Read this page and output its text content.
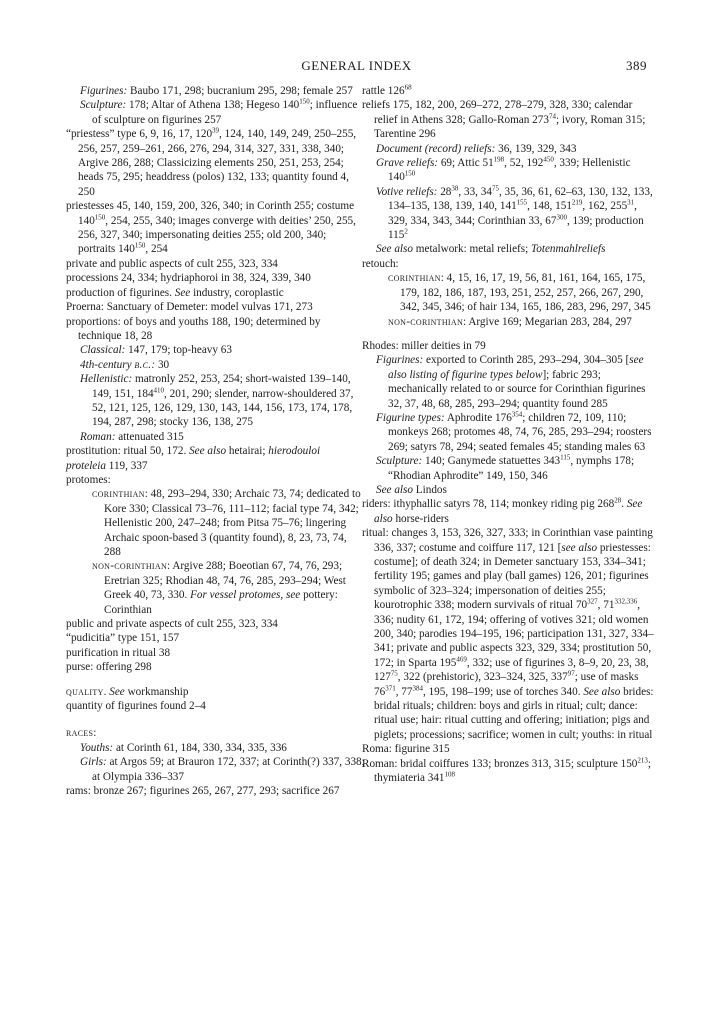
GENERAL INDEX	389
Figurines: Baubo 171, 298; bucranium 295, 298; female 257
Sculpture: 178; Altar of Athena 138; Hegeso $140^{150}$; influence of sculpture on figurines 257
“priestess” type 6, 9, 16, 17, $120^{39}$, 124, 140, 149, 249, 250–255, 256, 257, 259–261, 266, 276, 294, 314, 327, 331, 338, 340; Argive 286, 288; Classicizing elements 250, 251, 253, 254; heads 75, 295; headdress (polos) 132, 133; quantity found 4, 250
priestesses 45, 140, 159, 200, 326, 340; in Corinth 255; costume $140^{150}$, 254, 255, 340; images converge with deities’ 250, 255, 256, 327, 340; impersonating deities 255; old 200, 340; portraits $140^{150}$, 254
private and public aspects of cult 255, 323, 334
processions 24, 334; hydriaphoroi in 38, 324, 339, 340
production of figurines. See industry, coroplastic
Proerna: Sanctuary of Demeter: model vulvas 171, 273
proportions: of boys and youths 188, 190; determined by technique 18, 28
Classical: 147, 179; top-heavy 63
4th-century b.c.: 30
Hellenistic: matronly 252, 253, 254; short-waisted 139–140, 149, 151, $184^{410}$, 201, 290; slender, narrow-shouldered 37, 52, 121, 125, 126, 129, 130, 143, 144, 156, 173, 174, 178, 194, 287, 298; stocky 136, 138, 275
Roman: attenuated 315
prostitution: ritual 50, 172. See also hetairai; hierodouloi
proteleia 119, 337
protomes:
corinthian: 48, 293–294, 330; Archaic 73, 74; dedicated to Kore 330; Classical 73–76, 111–112; facial type 74, 342; Hellenistic 200, 247–248; from Pitsa 75–76; lingering Archaic spoon-based 3 (quantity found), 8, 23, 73, 74, 288
non-corinthian: Argive 288; Boeotian 67, 74, 76, 293; Eretrian 325; Rhodian 48, 74, 76, 285, 293–294; West Greek 40, 73, 330. For vessel protomes, see pottery: Corinthian
public and private aspects of cult 255, 323, 334
“pudicitia” type 151, 157
purification in ritual 38
purse: offering 298
quality. See workmanship
quantity of figurines found 2–4
races:
Youths: at Corinth 61, 184, 330, 334, 335, 336
Girls: at Argos 59; at Brauron 172, 337; at Corinth(?) 337, 338; at Olympia 336–337
rams: bronze 267; figurines 265, 267, 277, 293; sacrifice 267
rattle $126^{68}$
reliefs 175, 182, 200, 269–272, 278–279, 328, 330; calendar relief in Athens 328; Gallo-Roman $273^{74}$; ivory, Roman 315; Tarentine 296
Document (record) reliefs: 36, 139, 329, 343
Grave reliefs: 69; Attic $51^{198}$, 52, $192^{450}$, 339; Hellenistic $140^{150}$
Votive reliefs: $28^{38}$, 33, $34^{75}$, 35, 36, 61, 62–63, 130, 132, 133, 134–135, 138, 139, 140, $141^{155}$, 148, $151^{219}$, 162, $255^{31}$, 329, 334, 343, 344; Corinthian 33, $67^{300}$, 139; production $115^2$
See also metalwork: metal reliefs; Totenmahlreliefs
retouch:
corinthian: 4, 15, 16, 17, 19, 56, 81, 161, 164, 165, 175, 179, 182, 186, 187, 193, 251, 252, 257, 266, 267, 290, 342, 345, 346; of hair 134, 165, 186, 283, 296, 297, 345
non-corinthian: Argive 169; Megarian 283, 284, 297
Rhodes: miller deities in 79
Figurines: exported to Corinth 285, 293–294, 304–305 [see also listing of figurine types below]; fabric 293; mechanically related to or source for Corinthian figurines 32, 37, 48, 68, 285, 293–294; quantity found 285
Figurine types: Aphrodite $176^{354}$; children 72, 109, 110; monkeys 268; protomes 48, 74, 76, 285, 293–294; roosters 269; satyrs 78, 294; seated females 45; standing males 63
Sculpture: 140; Ganymede statuettes $343^{115}$, nymphs 178; “Rhodian Aphrodite” 149, 150, 346
See also Lindos
riders: ithyphallic satyrs 78, 114; monkey riding pig $268^{28}$. See also horse-riders
ritual: changes 3, 153, 326, 327, 333; in Corinthian vase painting 336, 337; costume and coiffure 117, 121 [see also priestesses: costume]; of death 324; in Demeter sanctuary 153, 334–341; fertility 195; games and play (ball games) 126, 201; figurines symbolic of 323–324; impersonation of deities 255; kourotrophic 338; modern survivals of ritual $70^{327}$, 71$^{332,336}$, 336; nudity 61, 172, 194; offering of votives 321; old women 200, 340; parodies 194–195, 196; participation 131, 327, 334–341; private and public aspects 323, 329, 334; prostitution 50, 172; in Sparta $195^{469}$, 332; use of figurines 3, 8–9, 20, 23, 38, $127^{75}$, 322 (prehistoric), 323–324, 325, $337^{97}$; use of masks $76^{371}$, $77^{384}$, 195, 198–199; use of torches 340. See also brides: bridal rituals; children: boys and girls in ritual; cult; dance: ritual use; hair: ritual cutting and offering; initiation; pigs and piglets; processions; sacrifice; women in cult; youths: in ritual
Roma: figurine 315
Roman: bridal coiffures 133; bronzes 313, 315; sculpture $150^{213}$; thymiateria $341^{108}$
